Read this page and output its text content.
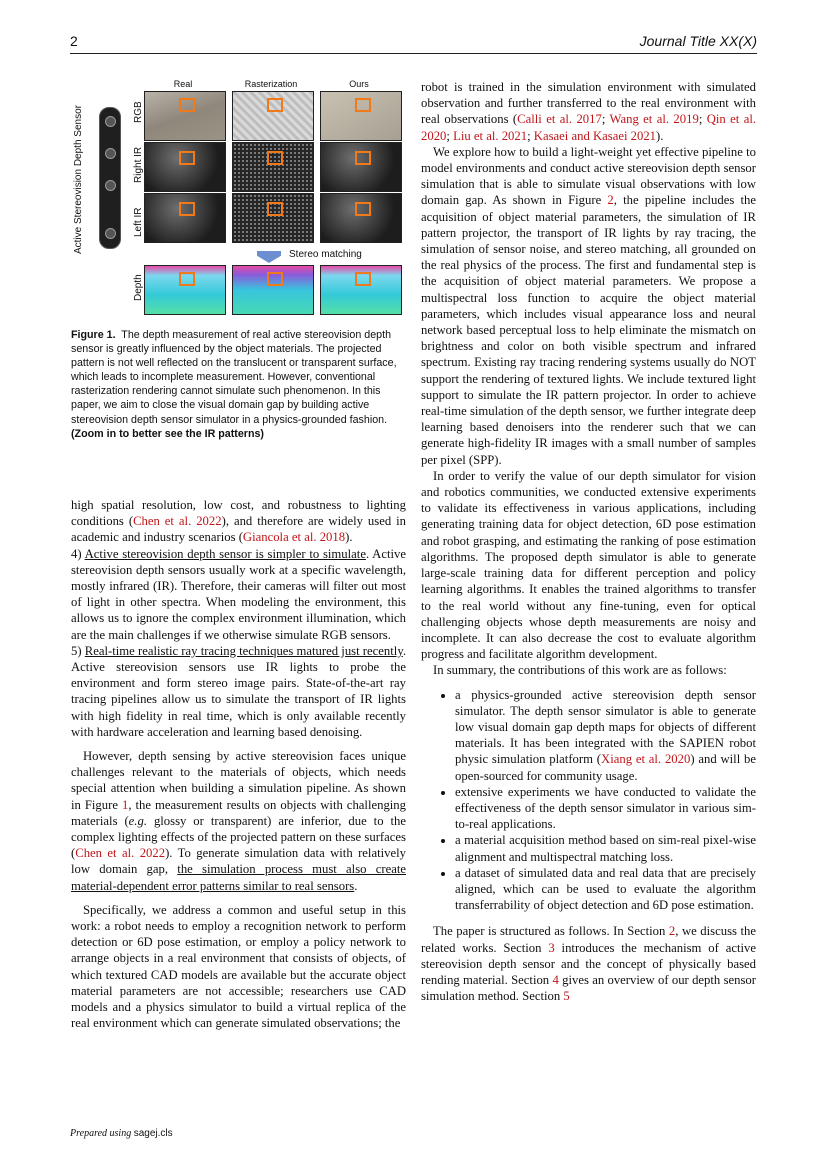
2	Journal Title XX(X)
Active Stereovision Depth Sensor
Real	Rasterization	Ours
RGB
Right IR
Left IR
Depth
Stereo matching
Figure 1. The depth measurement of real active stereovision depth sensor is greatly influenced by the object materials. The projected pattern is not well reflected on the translucent or transparent surface, which leads to incomplete measurement. However, conventional rasterization rendering cannot simulate such phenomenon. In this paper, we aim to close the visual domain gap by building active stereovision depth sensor simulator in a physics-grounded fashion. (Zoom in to better see the IR patterns)

high spatial resolution, low cost, and robustness to lighting conditions (Chen et al. 2022), and therefore are widely used in academic and industry scenarios (Giancola et al. 2018).

4) Active stereovision depth sensor is simpler to simulate. Active stereovision depth sensors usually work at a specific wavelength, mostly infrared (IR). Therefore, their cameras will filter out most of light in other spectra. When modeling the environment, this allows us to ignore the complex environment illumination, which are the main challenges if we otherwise simulate RGB sensors.

5) Real-time realistic ray tracing techniques matured just recently. Active stereovision sensors use IR lights to probe the environment and form stereo image pairs. State-of-the-art ray tracing pipelines allow us to simulate the transport of IR lights with high fidelity in real time, which is only available recently with hardware acceleration and learning based denoising.

However, depth sensing by active stereovision faces unique challenges relevant to the materials of objects, which needs special attention when building a simulation pipeline. As shown in Figure 1, the measurement results on objects with challenging materials (e.g. glossy or transparent) are inferior, due to the complex lighting effects of the projected pattern on these surfaces (Chen et al. 2022). To generate simulation data with relatively low domain gap, the simulation process must also create material-dependent error patterns similar to real sensors.

Specifically, we address a common and useful setup in this work: a robot needs to employ a recognition network to perform detection or 6D pose estimation, or employ a policy network to arrange objects in a real environment that consists of objects, of which textured CAD models are available but the accurate object material parameters are not accessible; researchers use CAD models and a physics simulator to build a virtual replica of the real environment which can generate simulated observations; the

robot is trained in the simulation environment with simulated observation and further transferred to the real environment with real observations (Calli et al. 2017; Wang et al. 2019; Qin et al. 2020; Liu et al. 2021; Kasaei and Kasaei 2021).

We explore how to build a light-weight yet effective pipeline to model environments and conduct active stereovision depth sensor simulation that is able to simulate visual observations with low domain gap. As shown in Figure 2, the pipeline includes the acquisition of object material parameters, the simulation of IR pattern projector, the transport of IR lights by ray tracing, the simulation of sensor noise, and stereo matching, all grounded on the real physics of the process. The first and fundamental step is the acquisition of object material parameters. We propose a multispectral loss function to acquire the object material parameters, which includes visual appearance loss and neural network based perceptual loss to help eliminate the mismatch on brightness and color on both visible spectrum and infrared spectrum. Existing ray tracing rendering systems usually do NOT support the rendering of textured lights. We include textured light support to simulate the IR pattern projector. In order to achieve real-time simulation of the depth sensor, we further integrate deep learning based denoisers into the renderer such that we can generate high-fidelity IR images with a small number of samples per pixel (SPP).

In order to verify the value of our depth simulator for vision and robotics communities, we conducted extensive experiments to validate its effectiveness in various applications, including generating training data for object detection, 6D pose estimation and robot grasping, and estimating the ranking of pose estimation algorithms. The proposed depth simulator is able to generate large-scale training data for different perception and policy learning algorithms. It enables the trained algorithms to transfer to the real world without any fine-tuning, even for optical challenging objects whose depth measurements are noisy and incomplete. It can also decrease the cost to evaluate algorithm progress and facilitate algorithm development.

In summary, the contributions of this work are as follows:

• a physics-grounded active stereovision depth sensor simulator. The depth sensor simulator is able to generate low visual domain gap depth maps for objects of different materials. It has been integrated with the SAPIEN robot physic simulation platform (Xiang et al. 2020) and will be open-sourced for community usage.
• extensive experiments we have conducted to validate the effectiveness of the depth sensor simulator in various sim-to-real applications.
• a material acquisition method based on sim-real pixel-wise alignment and multispectral matching loss.
• a dataset of simulated data and real data that are precisely aligned, which can be used to evaluate the algorithm transferrability of object detection and 6D pose estimation.

The paper is structured as follows. In Section 2, we discuss the related works. Section 3 introduces the mechanism of active stereovision depth sensor and the concept of physically based rending material. Section 4 gives an overview of our depth sensor simulation method. Section 5

Prepared using sagej.cls
